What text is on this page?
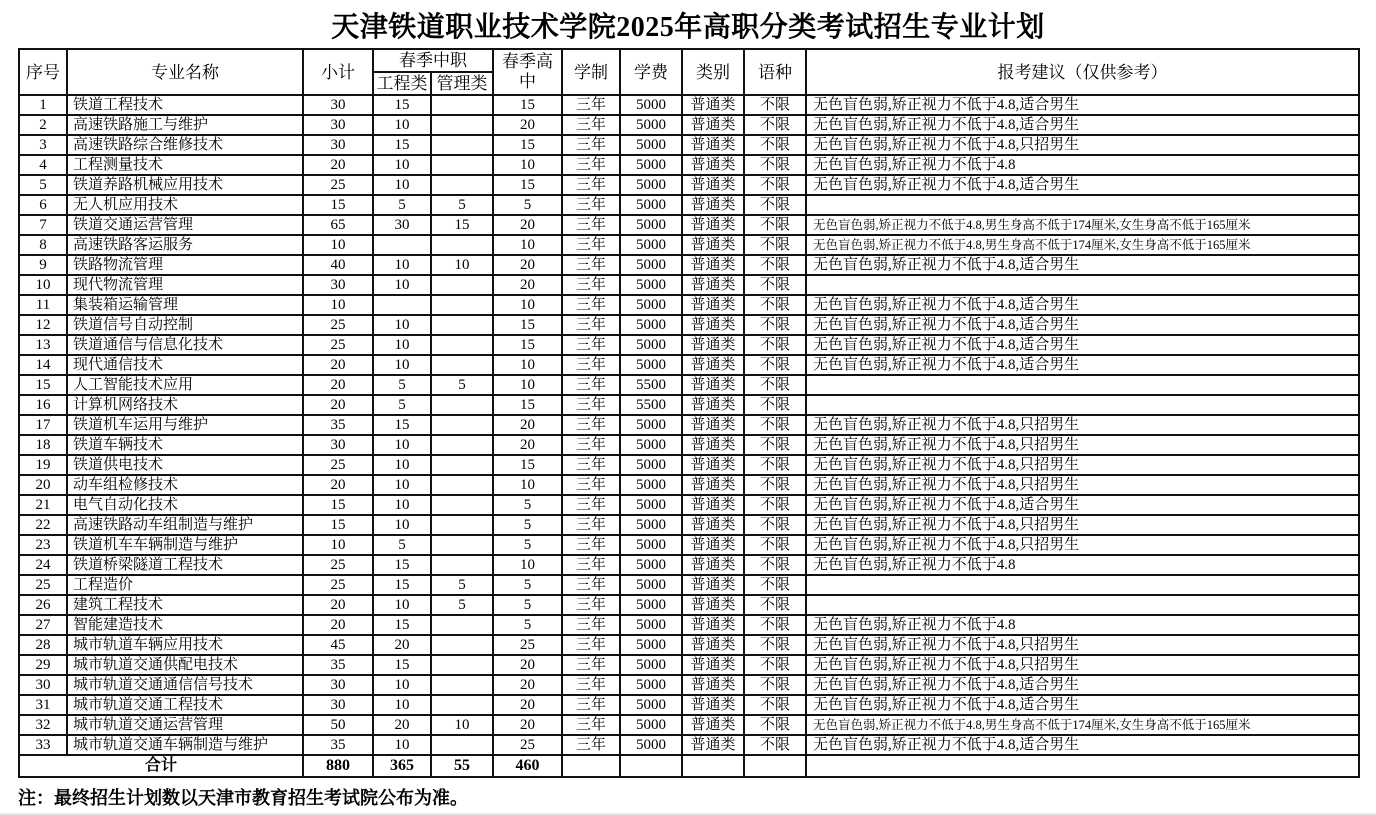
天津铁道职业技术学院2025年高职分类考试招生专业计划
序号	专业名称	小计	春季中职		春季高中	学制	学费	类别	语种	报考建议（仅供参考）
			工程类	管理类						
1	铁道工程技术	30	15		15	三年	5000	普通类	不限	无色盲色弱,矫正视力不低于4.8,适合男生
2	高速铁路施工与维护	30	10		20	三年	5000	普通类	不限	无色盲色弱,矫正视力不低于4.8,适合男生
3	高速铁路综合维修技术	30	15		15	三年	5000	普通类	不限	无色盲色弱,矫正视力不低于4.8,只招男生
4	工程测量技术	20	10		10	三年	5000	普通类	不限	无色盲色弱,矫正视力不低于4.8
5	铁道养路机械应用技术	25	10		15	三年	5000	普通类	不限	无色盲色弱,矫正视力不低于4.8,适合男生
6	无人机应用技术	15	5	5	5	三年	5000	普通类	不限	
7	铁道交通运营管理	65	30	15	20	三年	5000	普通类	不限	无色盲色弱,矫正视力不低于4.8,男生身高不低于174厘米,女生身高不低于165厘米
8	高速铁路客运服务	10			10	三年	5000	普通类	不限	无色盲色弱,矫正视力不低于4.8,男生身高不低于174厘米,女生身高不低于165厘米
9	铁路物流管理	40	10	10	20	三年	5000	普通类	不限	无色盲色弱,矫正视力不低于4.8,适合男生
10	现代物流管理	30	10		20	三年	5000	普通类	不限	
11	集装箱运输管理	10			10	三年	5000	普通类	不限	无色盲色弱,矫正视力不低于4.8,适合男生
12	铁道信号自动控制	25	10		15	三年	5000	普通类	不限	无色盲色弱,矫正视力不低于4.8,适合男生
13	铁道通信与信息化技术	25	10		15	三年	5000	普通类	不限	无色盲色弱,矫正视力不低于4.8,适合男生
14	现代通信技术	20	10		10	三年	5000	普通类	不限	无色盲色弱,矫正视力不低于4.8,适合男生
15	人工智能技术应用	20	5	5	10	三年	5500	普通类	不限	
16	计算机网络技术	20	5		15	三年	5500	普通类	不限	
17	铁道机车运用与维护	35	15		20	三年	5000	普通类	不限	无色盲色弱,矫正视力不低于4.8,只招男生
18	铁道车辆技术	30	10		20	三年	5000	普通类	不限	无色盲色弱,矫正视力不低于4.8,只招男生
19	铁道供电技术	25	10		15	三年	5000	普通类	不限	无色盲色弱,矫正视力不低于4.8,只招男生
20	动车组检修技术	20	10		10	三年	5000	普通类	不限	无色盲色弱,矫正视力不低于4.8,只招男生
21	电气自动化技术	15	10		5	三年	5000	普通类	不限	无色盲色弱,矫正视力不低于4.8,适合男生
22	高速铁路动车组制造与维护	15	10		5	三年	5000	普通类	不限	无色盲色弱,矫正视力不低于4.8,只招男生
23	铁道机车车辆制造与维护	10	5		5	三年	5000	普通类	不限	无色盲色弱,矫正视力不低于4.8,只招男生
24	铁道桥梁隧道工程技术	25	15		10	三年	5000	普通类	不限	无色盲色弱,矫正视力不低于4.8
25	工程造价	25	15	5	5	三年	5000	普通类	不限	
26	建筑工程技术	20	10	5	5	三年	5000	普通类	不限	
27	智能建造技术	20	15		5	三年	5000	普通类	不限	无色盲色弱,矫正视力不低于4.8
28	城市轨道车辆应用技术	45	20		25	三年	5000	普通类	不限	无色盲色弱,矫正视力不低于4.8,只招男生
29	城市轨道交通供配电技术	35	15		20	三年	5000	普通类	不限	无色盲色弱,矫正视力不低于4.8,只招男生
30	城市轨道交通通信信号技术	30	10		20	三年	5000	普通类	不限	无色盲色弱,矫正视力不低于4.8,适合男生
31	城市轨道交通工程技术	30	10		20	三年	5000	普通类	不限	无色盲色弱,矫正视力不低于4.8,适合男生
32	城市轨道交通运营管理	50	20	10	20	三年	5000	普通类	不限	无色盲色弱,矫正视力不低于4.8,男生身高不低于174厘米,女生身高不低于165厘米
33	城市轨道交通车辆制造与维护	35	10		25	三年	5000	普通类	不限	无色盲色弱,矫正视力不低于4.8,适合男生
合计		880	365	55	460					

注：最终招生计划数以天津市教育招生考试院公布为准。
